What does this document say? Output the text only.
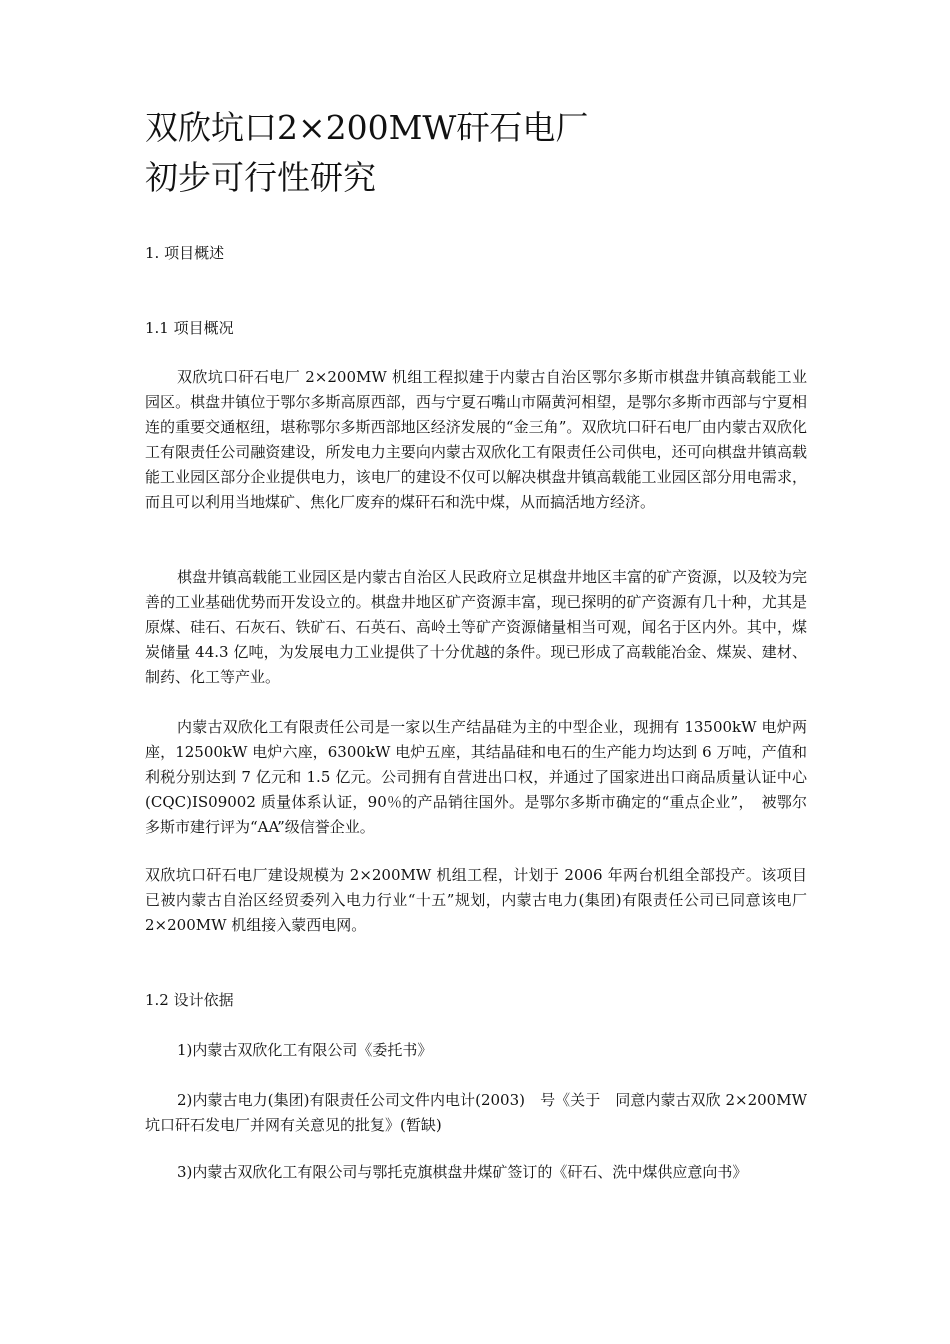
双欣坑口2×200MW矸石电厂
初步可行性研究

1. 项目概述

1.1 项目概况

双欣坑口矸石电厂 2×200MW 机组工程拟建于内蒙古自治区鄂尔多斯市棋盘井镇高载能工业园区。棋盘井镇位于鄂尔多斯高原西部，西与宁夏石嘴山市隔黄河相望，是鄂尔多斯市西部与宁夏相连的重要交通枢纽，堪称鄂尔多斯西部地区经济发展的“金三角”。双欣坑口矸石电厂由内蒙古双欣化工有限责任公司融资建设，所发电力主要向内蒙古双欣化工有限责任公司供电，还可向棋盘井镇高载能工业园区部分企业提供电力，该电厂的建设不仅可以解决棋盘井镇高载能工业园区部分用电需求，而且可以利用当地煤矿、焦化厂废弃的煤矸石和洗中煤，从而搞活地方经济。

棋盘井镇高载能工业园区是内蒙古自治区人民政府立足棋盘井地区丰富的矿产资源，以及较为完善的工业基础优势而开发设立的。棋盘井地区矿产资源丰富，现已探明的矿产资源有几十种，尤其是原煤、硅石、石灰石、铁矿石、石英石、高岭土等矿产资源储量相当可观，闻名于区内外。其中，煤炭储量 44.3 亿吨，为发展电力工业提供了十分优越的条件。现已形成了高载能冶金、煤炭、建材、制药、化工等产业。

内蒙古双欣化工有限责任公司是一家以生产结晶硅为主的中型企业，现拥有 13500kW 电炉两座，12500kW 电炉六座，6300kW 电炉五座，其结晶硅和电石的生产能力均达到 6 万吨，产值和利税分别达到 7 亿元和 1.5 亿元。公司拥有自营进出口权，并通过了国家进出口商品质量认证中心(CQC)IS09002 质量体系认证，90％的产品销往国外。是鄂尔多斯市确定的“重点企业”，　被鄂尔多斯市建行评为“AA”级信誉企业。

双欣坑口矸石电厂建设规模为 2×200MW 机组工程，计划于 2006 年两台机组全部投产。该项目已被内蒙古自治区经贸委列入电力行业“十五”规划，内蒙古电力(集团)有限责任公司已同意该电厂 2×200MW 机组接入蒙西电网。

1.2 设计依据

1)内蒙古双欣化工有限公司《委托书》

2)内蒙古电力(集团)有限责任公司文件内电计(2003)　号《关于　同意内蒙古双欣 2×200MW 坑口矸石发电厂并网有关意见的批复》(暂缺)

3)内蒙古双欣化工有限公司与鄂托克旗棋盘井煤矿签订的《矸石、洗中煤供应意向书》
